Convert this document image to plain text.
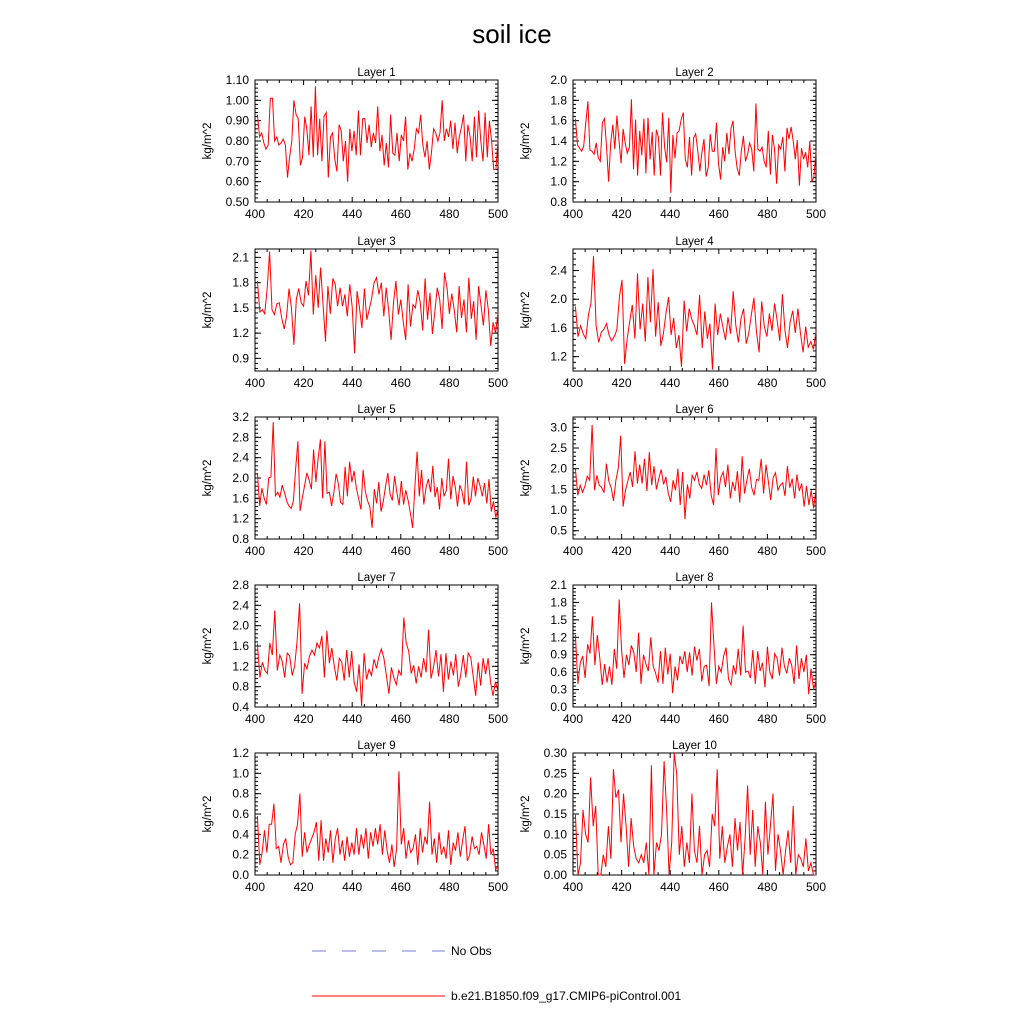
soil ice
Layer 1
kg/m^2
400 420 440 460 480 500
0.50
0.60
0.70
0.80
0.90
1.00
1.10	Layer 2
kg/m^2
400 420 440 460 480 500
0.8
1.0
1.2
1.4
1.6
1.8
2.0
Layer 3
kg/m^2
400 420 440 460 480 500
0.9
1.2
1.5
1.8
2.1
Layer 4
kg/m^2
400 420 440 460 480 500
1.2
1.6
2.0
2.4
Layer 5
kg/m^2
400 420 440 460 480 500
0.8
1.2
1.6
2.0
2.4
2.8
3.2	Layer 6
kg/m^2
400 420 440 460 480 500
0.5
1.0
1.5
2.0
2.5
3.0
Layer 7
kg/m^2
400 420 440 460 480 500
0.4
0.8
1.2
1.6
2.0
2.4
2.8	Layer 8
kg/m^2
400 420 440 460 480 500
0.0
0.3
0.6
0.9
1.2
1.5
1.8
2.1
Layer 9
kg/m^2
400 420 440 460 480 500
0.0
0.2
0.4
0.6
0.8
1.0
1.2	Layer 10
kg/m^2
400 420 440 460 480 500
0.00
0.05
0.10
0.15
0.20
0.25
0.30
No Obs
b.e21.B1850.f09_g17.CMIP6-piControl.001
